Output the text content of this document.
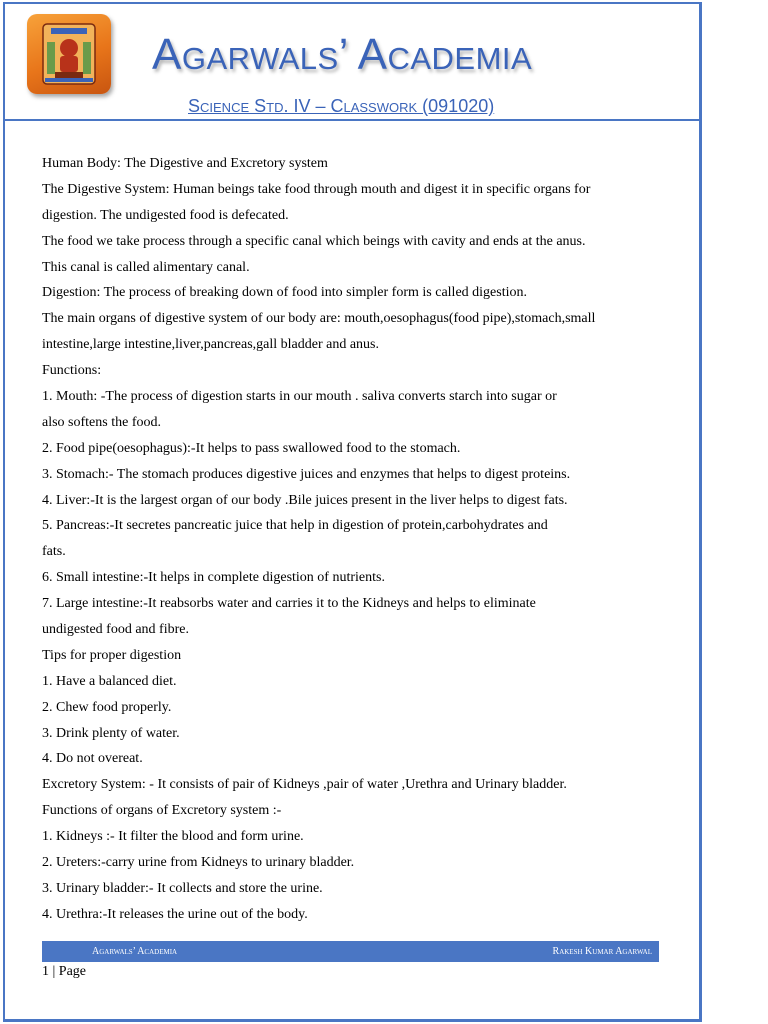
Agarwals’ Academia
Science Std. IV – Classwork (091020)
Human Body: The Digestive and Excretory system
The Digestive System: Human beings take food through mouth and digest it in specific organs for
digestion. The undigested food is defecated.
The food we take process through a specific canal which beings with cavity and ends at the anus.
This canal is called alimentary canal.
Digestion: The process of breaking down of food into simpler form is called digestion.
The main organs of digestive system of our body are: mouth,oesophagus(food pipe),stomach,small
intestine,large intestine,liver,pancreas,gall bladder and anus.
Functions:
1. Mouth: -The process of digestion starts in our mouth . saliva converts starch into sugar or
also softens the food.
2. Food pipe(oesophagus):-It helps to pass swallowed food to the stomach.
3. Stomach:- The stomach produces digestive juices and enzymes that helps to digest proteins.
4. Liver:-It is the largest organ of our body .Bile juices present in the liver helps to digest fats.
5. Pancreas:-It secretes pancreatic juice that help in digestion of protein,carbohydrates and
fats.
6. Small intestine:-It helps in complete digestion of nutrients.
7. Large intestine:-It reabsorbs water and carries it to the Kidneys and helps to eliminate
undigested food and fibre.
Tips for proper digestion
1. Have a balanced diet.
2. Chew food properly.
3. Drink plenty of water.
4. Do not overeat.
Excretory System: - It consists of pair of Kidneys ,pair of water ,Urethra and Urinary bladder.
Functions of organs of Excretory system :-
1. Kidneys :- It filter the blood and form urine.
2. Ureters:-carry urine from Kidneys to urinary bladder.
3. Urinary bladder:- It collects and store the urine.
4. Urethra:-It releases the urine out of the body.
Agarwals’ Academia	Rakesh Kumar Agarwal
1 | Page
